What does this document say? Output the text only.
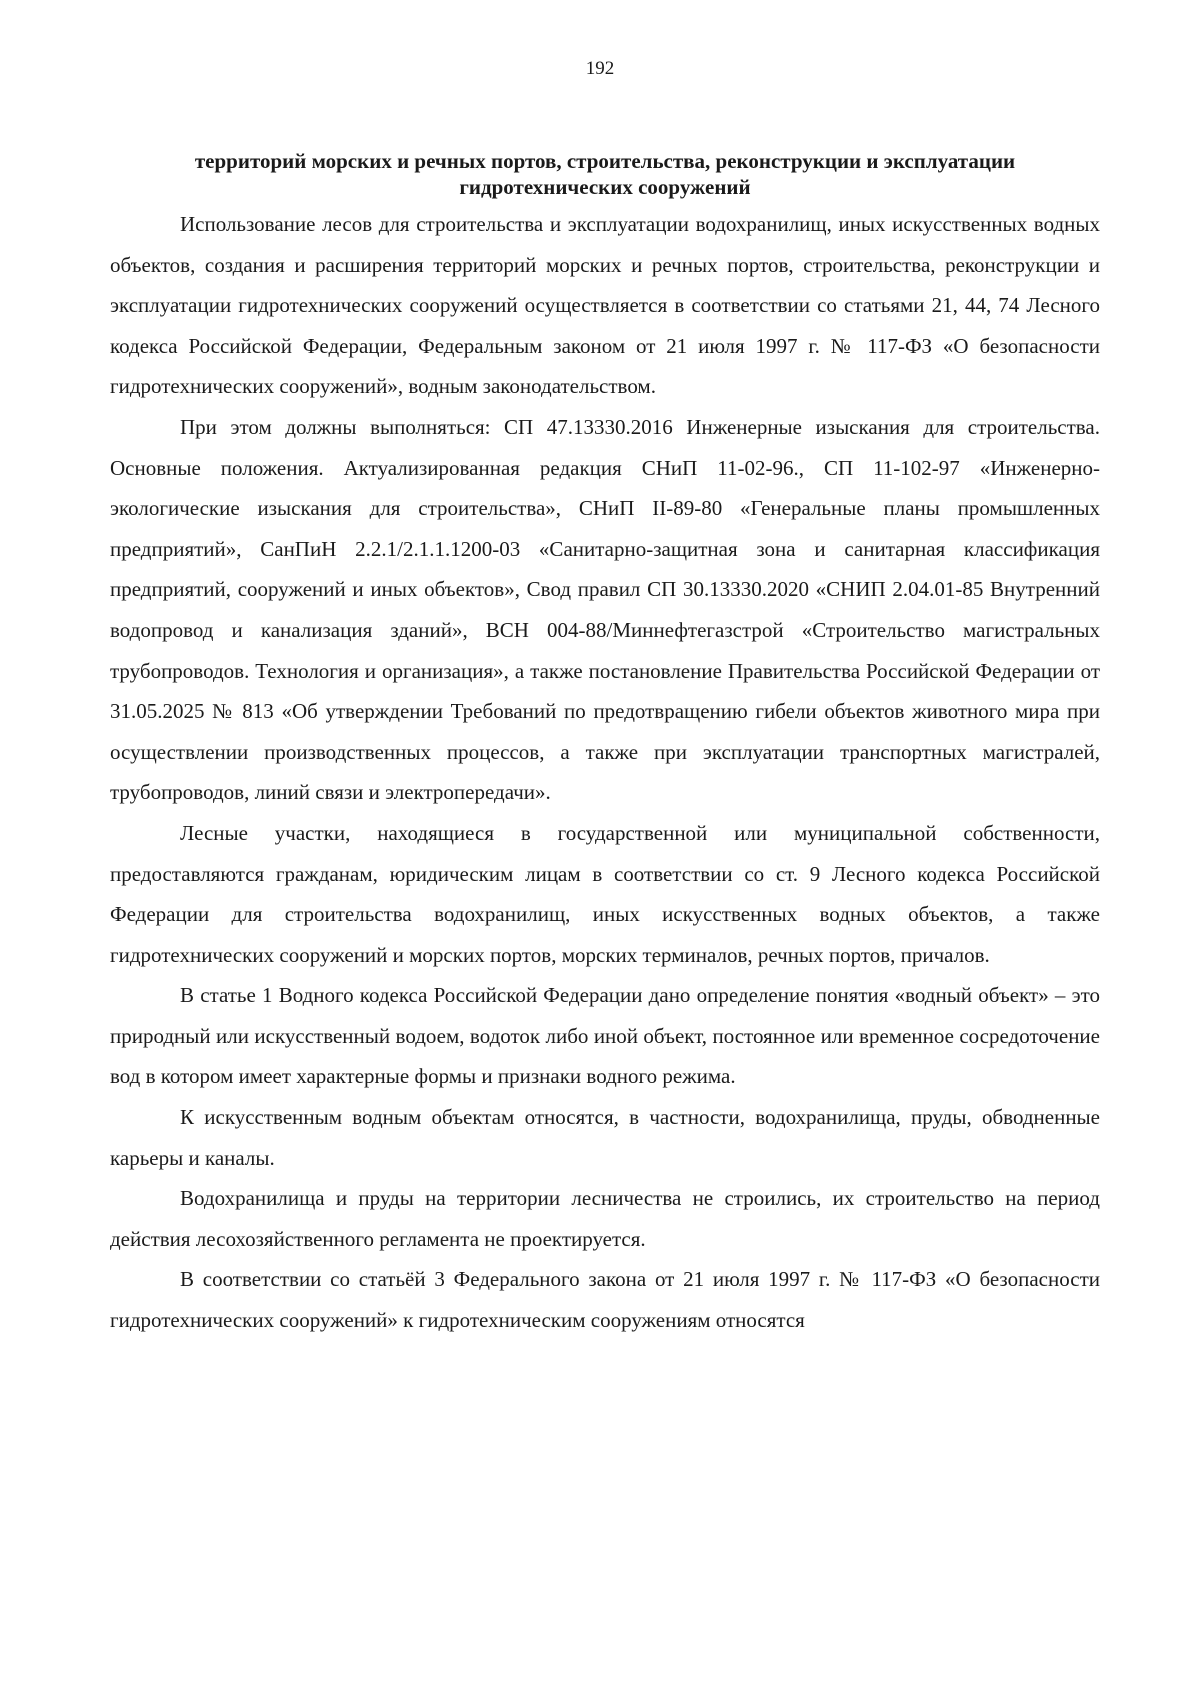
192
территорий морских и речных портов, строительства, реконструкции и эксплуатации гидротехнических сооружений

Использование лесов для строительства и эксплуатации водохранилищ, иных искусственных водных объектов, создания и расширения территорий морских и речных портов, строительства, реконструкции и эксплуатации гидротехнических сооружений осуществляется в соответствии со статьями 21, 44, 74 Лесного кодекса Российской Федерации, Федеральным законом от 21 июля 1997 г. № 117-ФЗ «О безопасности гидротехнических сооружений», водным законодательством.

При этом должны выполняться: СП 47.13330.2016 Инженерные изыскания для строительства. Основные положения. Актуализированная редакция СНиП 11-02-96., СП 11-102-97 «Инженерно-экологические изыскания для строительства», СНиП II-89-80 «Генеральные планы промышленных предприятий», СанПиН 2.2.1/2.1.1.1200-03 «Санитарно-защитная зона и санитарная классификация предприятий, сооружений и иных объектов», Свод правил СП 30.13330.2020 «СНИП 2.04.01-85 Внутренний водопровод и канализация зданий», ВСН 004-88/Миннефтегазстрой «Строительство магистральных трубопроводов. Технология и организация», а также постановление Правительства Российской Федерации от 31.05.2025 № 813 «Об утверждении Требований по предотвращению гибели объектов животного мира при осуществлении производственных процессов, а также при эксплуатации транспортных магистралей, трубопроводов, линий связи и электропередачи».

Лесные участки, находящиеся в государственной или муниципальной собственности, предоставляются гражданам, юридическим лицам в соответствии со ст. 9 Лесного кодекса Российской Федерации для строительства водохранилищ, иных искусственных водных объектов, а также гидротехнических сооружений и морских портов, морских терминалов, речных портов, причалов.

В статье 1 Водного кодекса Российской Федерации дано определение понятия «водный объект» – это природный или искусственный водоем, водоток либо иной объект, постоянное или временное сосредоточение вод в котором имеет характерные формы и признаки водного режима.

К искусственным водным объектам относятся, в частности, водохранилища, пруды, обводненные карьеры и каналы.

Водохранилища и пруды на территории лесничества не строились, их строительство на период действия лесохозяйственного регламента не проектируется.

В соответствии со статьёй 3 Федерального закона от 21 июля 1997 г. № 117-ФЗ «О безопасности гидротехнических сооружений» к гидротехническим сооружениям относятся
